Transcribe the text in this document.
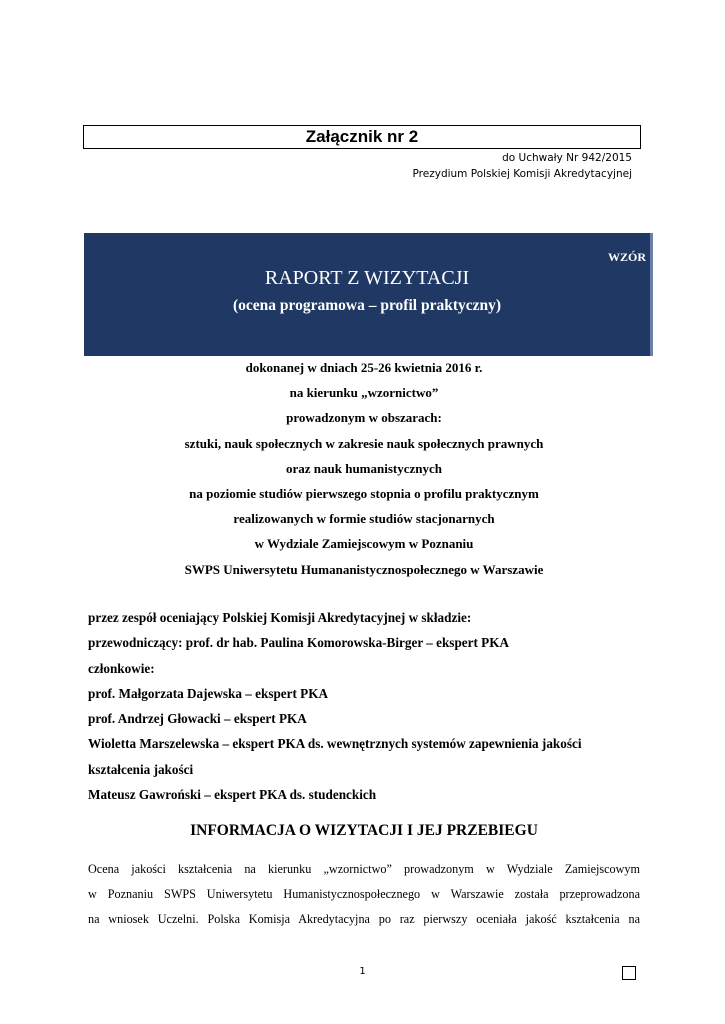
Załącznik nr 2
do Uchwały Nr 942/2015
Prezydium Polskiej Komisji Akredytacyjnej
WZÓR
RAPORT Z WIZYTACJI
(ocena programowa – profil praktyczny)
dokonanej w dniach 25-26 kwietnia 2016 r.
na kierunku „wzornictwo”
prowadzonym w obszarach:
sztuki, nauk społecznych w zakresie nauk społecznych prawnych
oraz nauk humanistycznych
na poziomie studiów pierwszego stopnia o profilu praktycznym
realizowanych w formie studiów stacjonarnych
w Wydziale Zamiejscowym w Poznaniu
SWPS Uniwersytetu Humananistycznospołecznego w Warszawie
przez zespół oceniający Polskiej Komisji Akredytacyjnej w składzie:
przewodniczący: prof. dr hab. Paulina Komorowska-Birger – ekspert PKA
członkowie:
prof. Małgorzata Dajewska – ekspert PKA
prof. Andrzej Głowacki – ekspert PKA
Wioletta Marszelewska – ekspert PKA ds. wewnętrznych systemów zapewnienia jakości
kształcenia jakości
Mateusz Gawroński – ekspert PKA ds. studenckich
INFORMACJA O WIZYTACJI I JEJ PRZEBIEGU
Ocena jakości kształcenia na kierunku „wzornictwo” prowadzonym w Wydziale Zamiejscowym
w Poznaniu SWPS Uniwersytetu Humanistycznospołecznego w Warszawie została przeprowadzona
na wniosek Uczelni. Polska Komisja Akredytacyjna po raz pierwszy oceniała jakość kształcenia na
1
